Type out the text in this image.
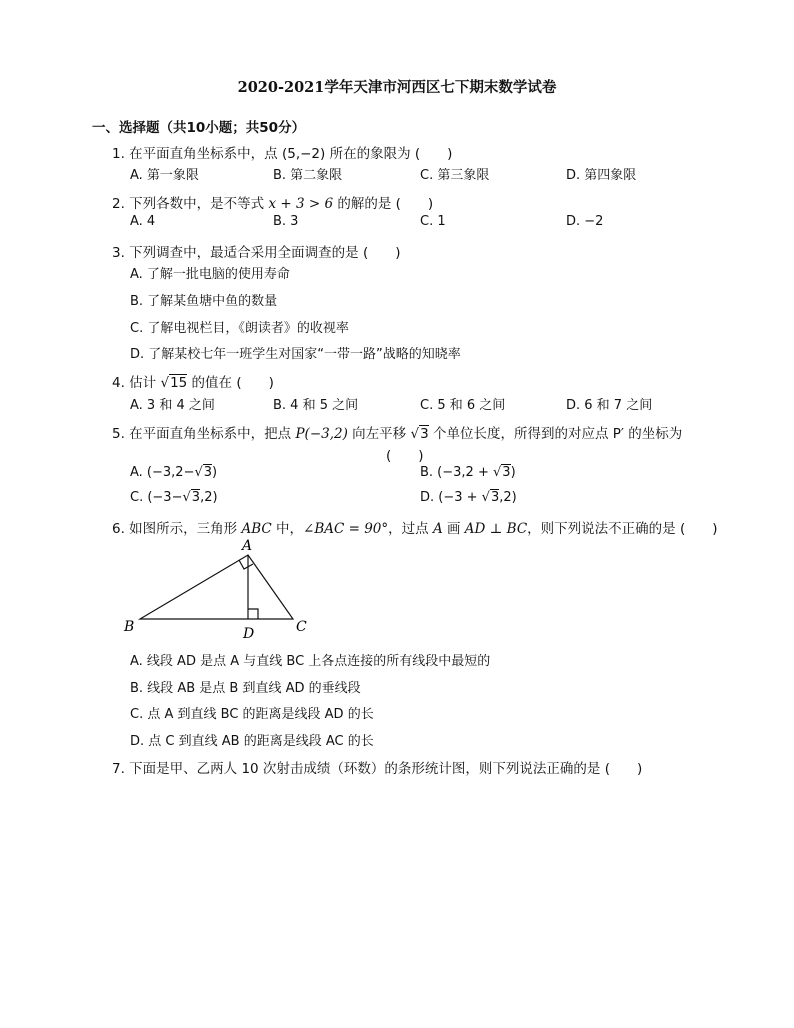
2020-2021学年天津市河西区七下期末数学试卷
一、选择题（共10小题；共50分）
1. 在平面直角坐标系中，点 (5,−2) 所在的象限为 (　　)
A. 第一象限	B. 第二象限	C. 第三象限	D. 第四象限
2. 下列各数中，是不等式 x + 3 > 6 的解的是 (　　)
A. 4	B. 3	C. 1	D. −2
3. 下列调查中，最适合采用全面调查的是 (　　)
A. 了解一批电脑的使用寿命
B. 了解某鱼塘中鱼的数量
C. 了解电视栏目，《朗读者》的收视率
D. 了解某校七年一班学生对国家“一带一路”战略的知晓率
4. 估计 √15 的值在 (　　)
A. 3 和 4 之间	B. 4 和 5 之间	C. 5 和 6 之间	D. 6 和 7 之间
5. 在平面直角坐标系中，把点 P(−3,2) 向左平移 √3 个单位长度，所得到的对应点 P′ 的坐标为
(　　)
A. (−3,2−√3)	B. (−3,2 + √3)
C. (−3−√3,2)	D. (−3 + √3,2)
6. 如图所示，三角形 ABC 中，∠BAC = 90°，过点 A 画 AD ⊥ BC，则下列说法不正确的是 (　　)
A
B	C
D
A. 线段 AD 是点 A 与直线 BC 上各点连接的所有线段中最短的
B. 线段 AB 是点 B 到直线 AD 的垂线段
C. 点 A 到直线 BC 的距离是线段 AD 的长
D. 点 C 到直线 AB 的距离是线段 AC 的长
7. 下面是甲、乙两人 10 次射击成绩（环数）的条形统计图，则下列说法正确的是 (　　)
